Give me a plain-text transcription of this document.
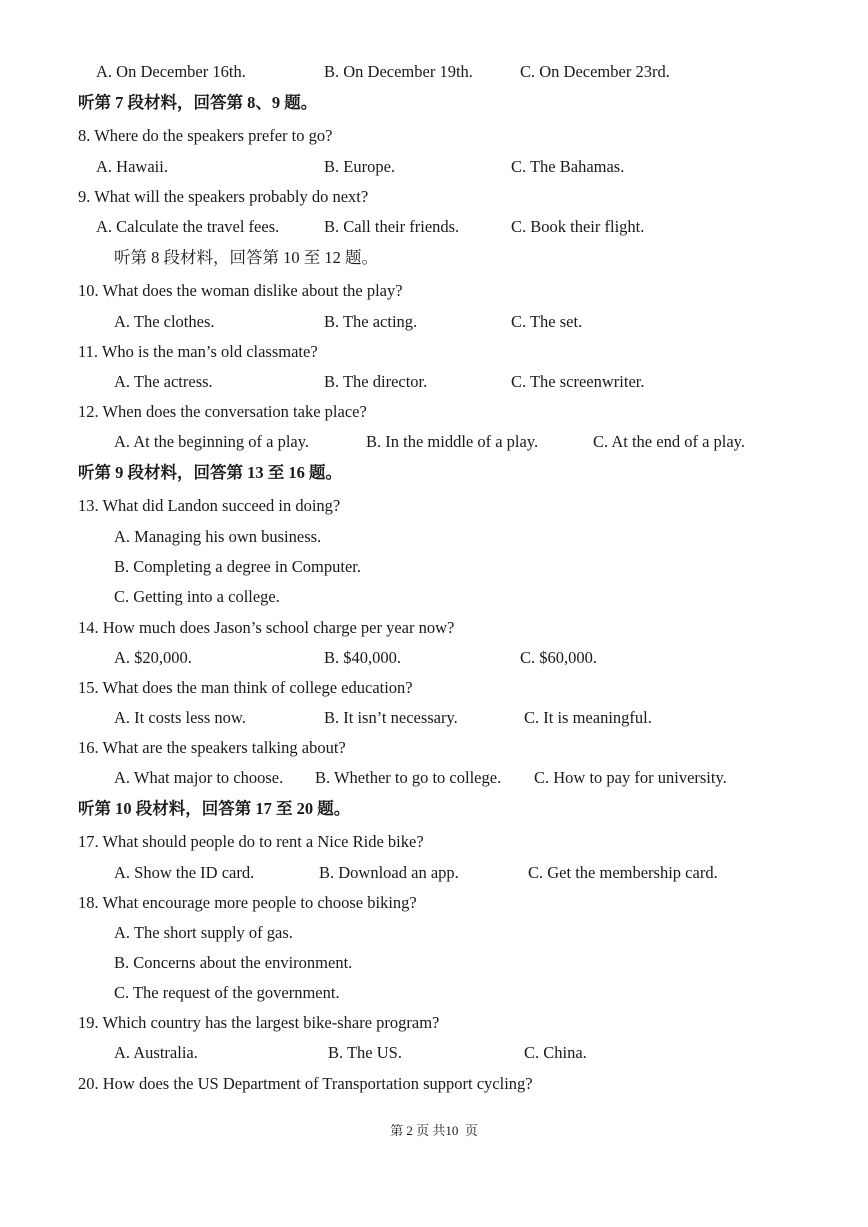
A. On December 16th.	B. On December 19th.	C. On December 23rd.
听第 7 段材料，回答第 8、9 题。
8. Where do the speakers prefer to go?
A. Hawaii.	B. Europe.	C. The Bahamas.
9. What will the speakers probably do next?
A. Calculate the travel fees.	B. Call their friends.	C. Book their flight.
听第 8 段材料，回答第 10 至 12 题。
10. What does the woman dislike about the play?
A. The clothes.	B. The acting.	C. The set.
11. Who is the man’s old classmate?
A. The actress.	B. The director.	C. The screenwriter.
12. When does the conversation take place?
A. At the beginning of a play.	B. In the middle of a play.	C. At the end of a play.
听第 9 段材料，回答第 13 至 16 题。
13. What did Landon succeed in doing?
A. Managing his own business.
B. Completing a degree in Computer.
C. Getting into a college.
14. How much does Jason’s school charge per year now?
A. $20,000.	B. $40,000.	C. $60,000.
15. What does the man think of college education?
A. It costs less now.	B. It isn’t necessary.	C. It is meaningful.
16. What are the speakers talking about?
A. What major to choose. B. Whether to go to college. C. How to pay for university.
听第 10 段材料，回答第 17 至 20 题。
17. What should people do to rent a Nice Ride bike?
A. Show the ID card.	B. Download an app.	C. Get the membership card.
18. What encourage more people to choose biking?
A. The short supply of gas.
B. Concerns about the environment.
C. The request of the government.
19. Which country has the largest bike-share program?
A. Australia.	B. The US.	C. China.
20. How does the US Department of Transportation support cycling?
第 2 页 共10  页
